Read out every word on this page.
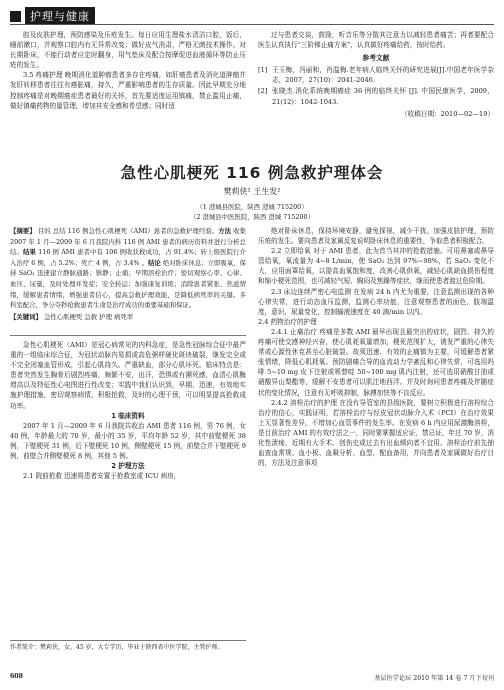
护理与健康

腔及皮肤护理，预防感染及压疮发生。每日应用生理盐水清洁口腔，饭后，睡前漱口，并观察口腔内有无异常改变；做好皮气消肃，严格无菌技术操作。对长期卧床，不能行动者应定时翻身，用气垫床及配合按摩促进血液循环等防止压疮的发生。

3.5 疼痛护理 晚期消化道肿瘤患者多存在疼痛，如肝癌患者及消化道肿瘤并发肝转移患者往往有癌胀痛，持久，严重影响患者的生存质量。因此早期充分地控制疼痛是对晚期癌症患者最好的关怀，首先要适度运用镇痛，禁止滥用止痛，做好镇痛药物的量管理，增加其安全感和希望感；同时适

过与患者交谈，鼓励，听音乐等分散其注意力以减轻患者痛苦；再者要配合医生认真执行“三阶梯止痛方案”，认真做好疼痛给药，按时给药。

参考文献
[1] 王玉梅，冯丽和，肖温梅.老年病人临终关怀的研究进展[J].中国老年医学杂志，2007，27(10)：2041-2046.
[2] 张晓杰.消化系统晚期癌症 36 例的临终关怀 [J]. 中国民康医学，2009，21(12)：1042-1043.
（收稿日期：2010—02—19）
急性心肌梗死 116 例急救护理体会
樊莉侠¹ 王生发²
（1 澄城县医院，陕西 澄城 715200）
（2 澄城县中医医院，陕西 澄城 715200）
【摘要】 目的 总结 116 例急性心肌梗死（AMI）患者的急救护理经验。方法 收集 2007 年 1 月—2009 年 6 月我院内科 116 例 AMI 患者的病历资料并进行分析总结。结果 116 例 AMI 患者中有 106 例收获救成功，占 91.4%；转上级医院行介入治疗 6 例，占 5.2%；死亡 4 例，占 3.4% 。结论 绝对卧床休息；立即吸氧，保持 SaO₂ 迅速建立静脉通路；镇静；止痛；早期溶栓治疗；密切观察心率、心律、血压、尿量，及时处理并发症；安全转运；加强康复训练；消除患者紧张、焦虑情绪，缓解患者情绪，增强患者信心，提高急救护理效能，是降低病死率的关键。多科室配合，争分夺秒抢救患者生命是治疗成功的重要基础和保证。
【关键词】 急性心肌梗死 急救 护理 病死率

急性心肌梗死（AMI）是冠心病常见的内科急症，是急性冠脉综合征中最严重的一组临床综合征，为冠状动脉内易损或高危粥样硬化斑块破裂，继发完全或不完全闭塞血管形成，引起心肌持久、严重缺血，部分心肌坏死。临床特点是：患者突然发生胸骨后剧烈疼痛，频繁不安，出汗，恐惧或有濒死感，血清心肌酶增高以及特征性心电图进行性改变；实践中我们认识到，早期、迅速，有效地实施护理措施，密切观察病情，积极抢救，及时的心理干预，可以明显提高抢救成功率。

1 临床资料

2007 年 1 月—2009 年 6 月我院共收治 AMI 患者 116 例，男 76 例，女 40 例，年龄最大的 70 岁，最小的 35 岁，平均年龄 52 岁，其中前壁梗死 38 例，下壁梗死 31 例，后下壁梗死 10 例，侧壁梗死 15 例，前壁合并下壁梗死 9 例，前壁合并侧壁梗死 8 例，其他 5 例。

2 护理方法

2.1 院前抢救 迅速将患者安置于抢救室或 ICU 病房，

作者简介：樊莉侠，女，45 岁，大专学历，毕业于陕西省中医学院，主管护师。

绝对卧床休息，保持环境安静，避免探视，减少干扰。加强皮肤护理，预防压疮的发生。要向患者及家属反复说明卧床休息的重要性，争取患者积极配合。

2.2 立即给氧 对于 AMI 患者，此为首当其冲的抢救措施。可用鼻塞或鼻导管给氧，氧流量为 4~8 L/min，使 SaO₂ 达到 97%~98%，若 SaO₂ 变化不大，应用面罩给氧，以提高血氧饱和度，改善心肌供氧，减轻心肌缺血损伤程度和缩小梗死范围，也可减轻气短、胸闷及焦躁等症状，继而使患者渡过危险期。

2.3 床边连续严密心电监测 在发病 24 h 内尤为重要，注意监测出现的各种心律失常，进行动态血压监测，监测心率功能，注意观察患者的面色，肢端温度，意识，尿量变化，控制输液速度在 40 滴/min 以内。

2.4 药物治疗的护理

2.4.1 止痛治疗 疼痛是多数 AMI 最早出现且最突出的症状，剧烈、持久的疼痛可使交感神经兴奋，使心肌耗氧量增加，梗死范围扩大，诱发严重的心律失常或心源性休克甚至心脏破裂。故须迅速、有效的止痛镇为主要，可缓解患者紧张情绪，降低心肌耗氧。预防剧痛合导的血流动力学紊乱和心律失常，可选用吗啡 5~10 mg 皮下注射或哌替啶 50~100 mg 肌内注射，还可选用硝酸甘油或硝酸异山梨酯等，缓解不安患者可以肌注地西泮。并及时询问患者疼痛及伴随症状的变化情况，注意有无呼吸抑制，脉搏加快等不良反应。

2.4.2 溶栓治疗的护理 在没有导管室的县级医院，要树立积极进行溶栓综合治疗的信心，实践证明，若溶栓治疗与经皮冠状动脉介入术（PCI）在治疗效果上无显著性差异，不增加心血管事件的发生率。在发病 6 h 内应用尿激酶溶栓，是目前治疗 AMI 的有效疗法之一，同时要掌握适应证，禁忌证，年过 70 岁，消化性溃疡，近期有大手术、创伤史或过去有出血倾向者不宜用。溶栓治疗前先抽血查血常规、血小板、血凝分析、血型，配血备用，并向患者及家属做好治疗目的，方法及注意事项

608	基层医学论坛 2010 年第 14 卷 7 月下旬刊
